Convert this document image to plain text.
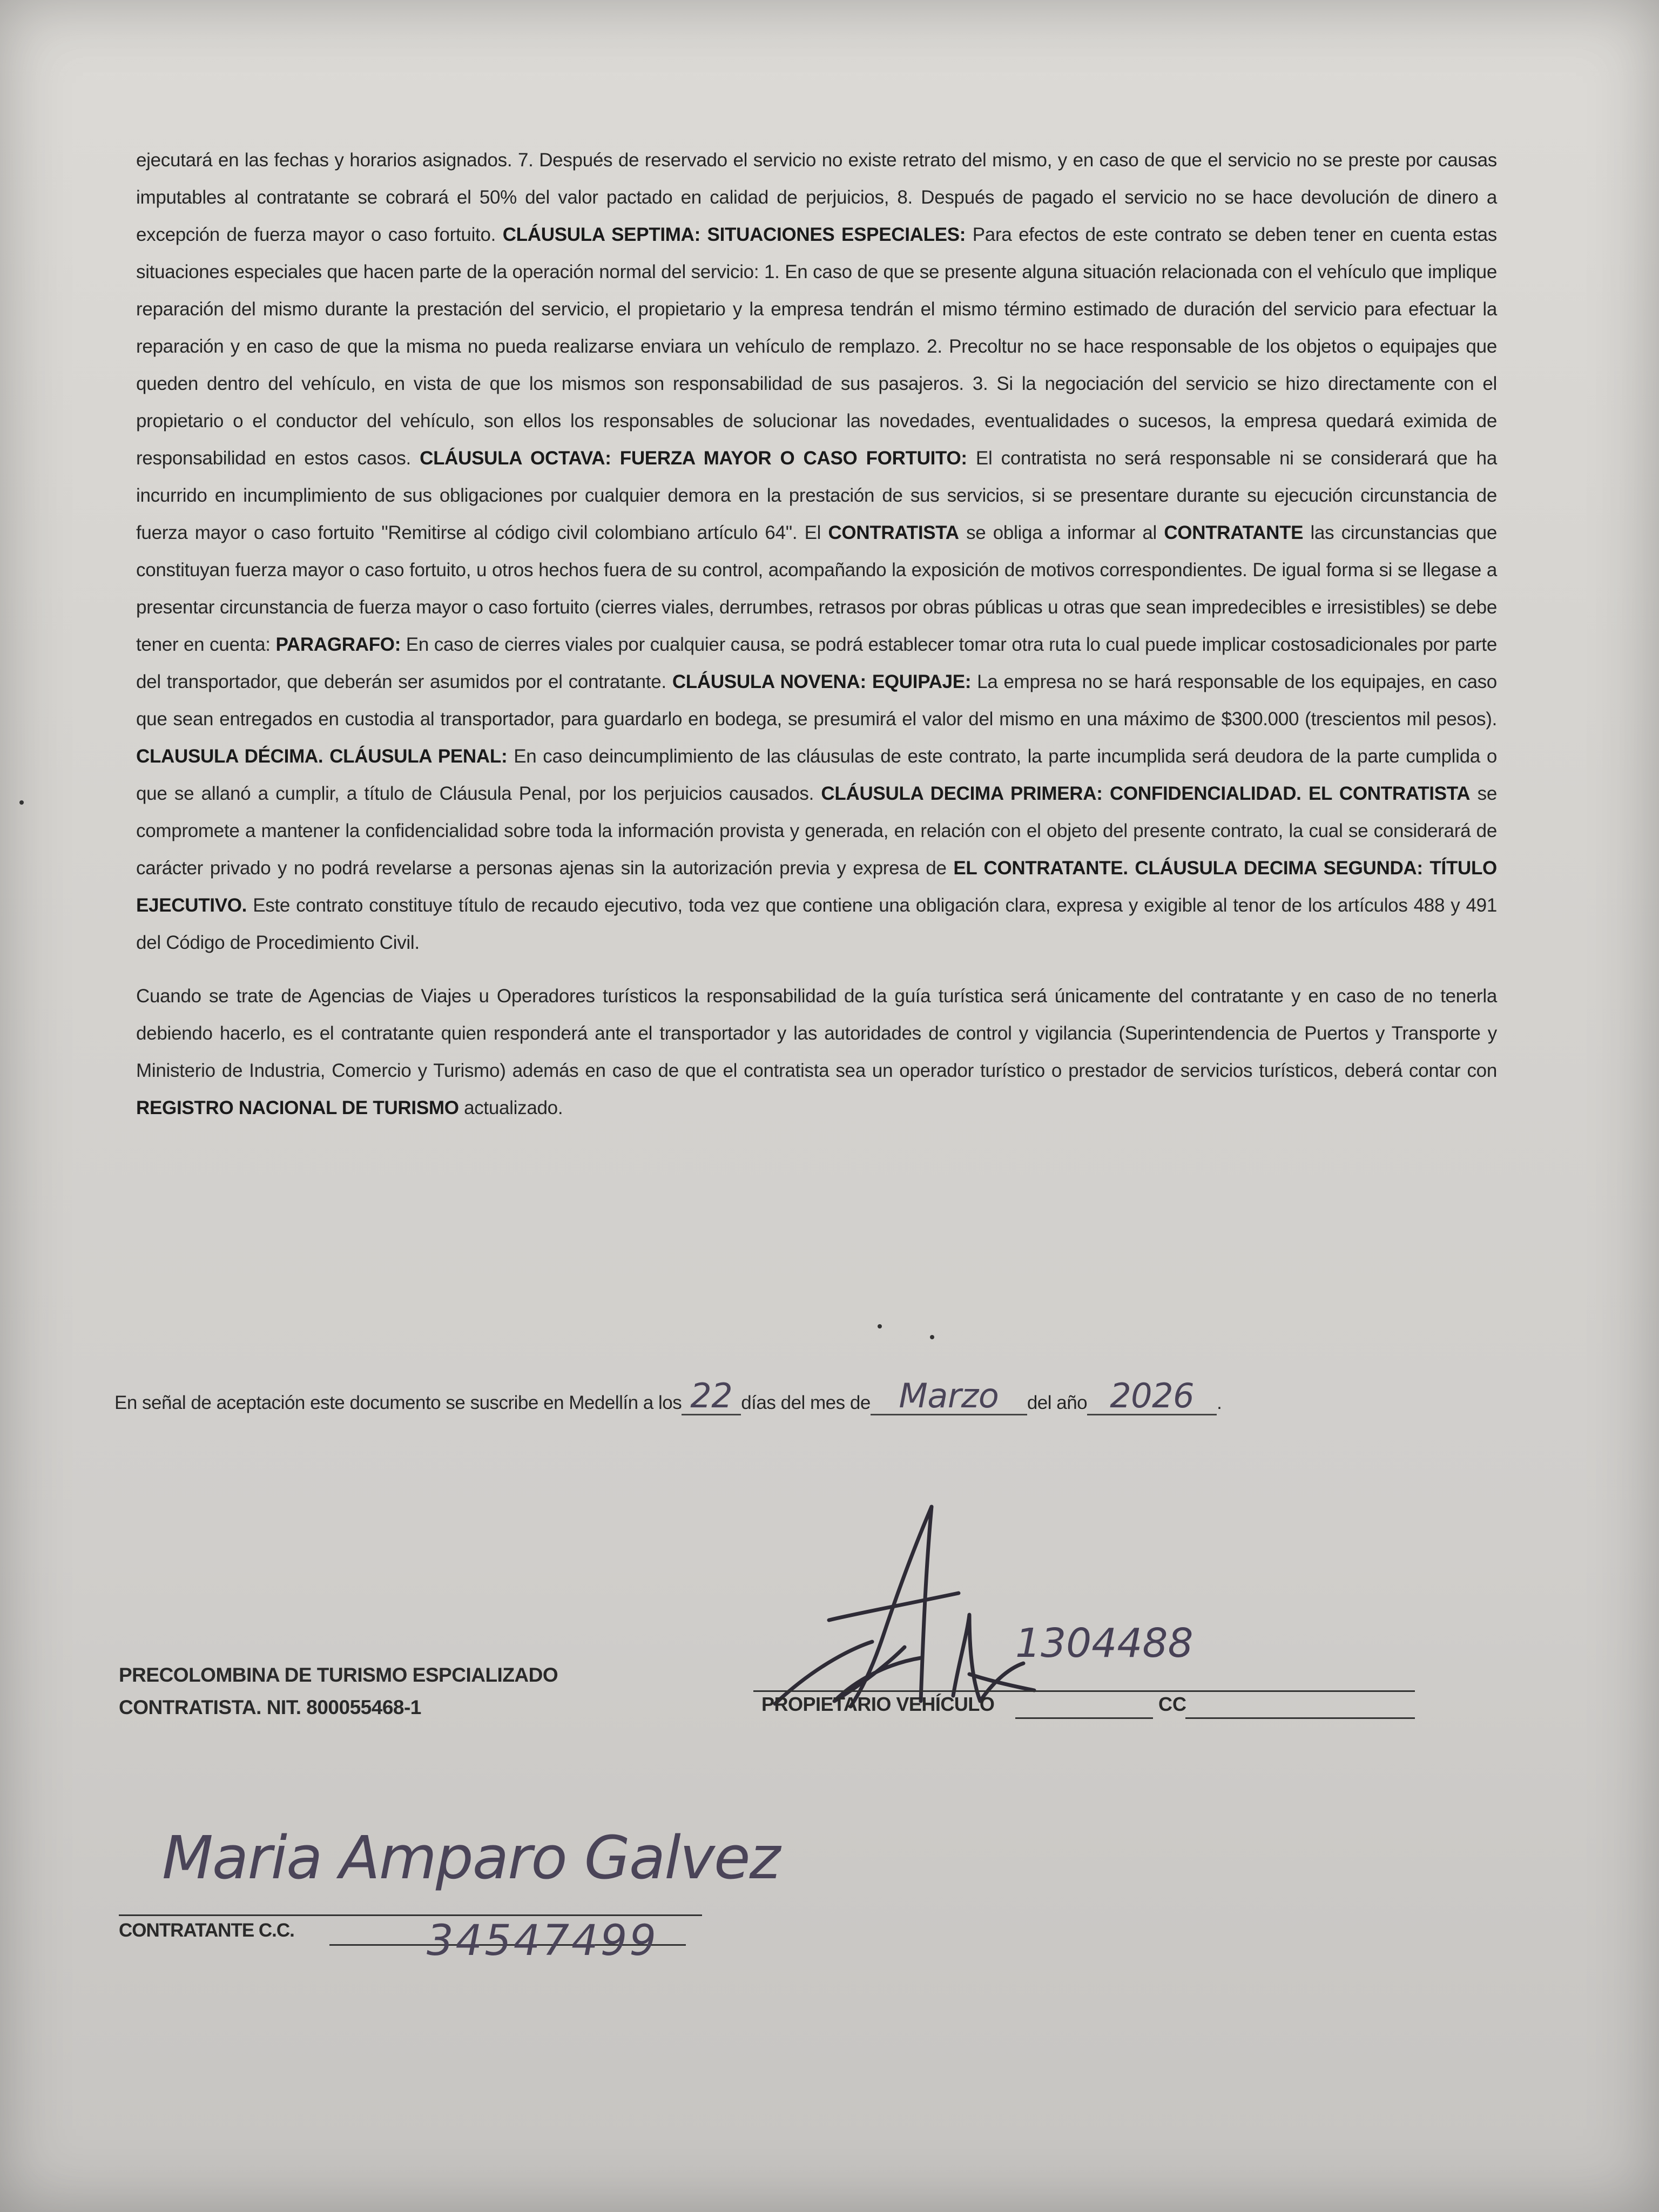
ejecutará en las fechas y horarios asignados. 7. Después de reservado el servicio no existe retrato del mismo, y en caso de que el servicio no se preste por causas imputables al contratante se cobrará el 50% del valor pactado en calidad de perjuicios, 8. Después de pagado el servicio no se hace devolución de dinero a excepción de fuerza mayor o caso fortuito. CLÁUSULA SEPTIMA: SITUACIONES ESPECIALES: Para efectos de este contrato se deben tener en cuenta estas situaciones especiales que hacen parte de la operación normal del servicio: 1. En caso de que se presente alguna situación relacionada con el vehículo que implique reparación del mismo durante la prestación del servicio, el propietario y la empresa tendrán el mismo término estimado de duración del servicio para efectuar la reparación y en caso de que la misma no pueda realizarse enviara un vehículo de remplazo. 2. Precoltur no se hace responsable de los objetos o equipajes que queden dentro del vehículo, en vista de que los mismos son responsabilidad de sus pasajeros. 3. Si la negociación del servicio se hizo directamente con el propietario o el conductor del vehículo, son ellos los responsables de solucionar las novedades, eventualidades o sucesos, la empresa quedará eximida de responsabilidad en estos casos. CLÁUSULA OCTAVA: FUERZA MAYOR O CASO FORTUITO: El contratista no será responsable ni se considerará que ha incurrido en incumplimiento de sus obligaciones por cualquier demora en la prestación de sus servicios, si se presentare durante su ejecución circunstancia de fuerza mayor o caso fortuito "Remitirse al código civil colombiano artículo 64". El CONTRATISTA se obliga a informar al CONTRATANTE las circunstancias que constituyan fuerza mayor o caso fortuito, u otros hechos fuera de su control, acompañando la exposición de motivos correspondientes. De igual forma si se llegase a presentar circunstancia de fuerza mayor o caso fortuito (cierres viales, derrumbes, retrasos por obras públicas u otras que sean impredecibles e irresistibles) se debe tener en cuenta: PARAGRAFO: En caso de cierres viales por cualquier causa, se podrá establecer tomar otra ruta lo cual puede implicar costosadicionales por parte del transportador, que deberán ser asumidos por el contratante. CLÁUSULA NOVENA: EQUIPAJE: La empresa no se hará responsable de los equipajes, en caso que sean entregados en custodia al transportador, para guardarlo en bodega, se presumirá el valor del mismo en una máximo de $300.000 (trescientos mil pesos). CLAUSULA DÉCIMA. CLÁUSULA PENAL: En caso deincumplimiento de las cláusulas de este contrato, la parte incumplida será deudora de la parte cumplida o que se allanó a cumplir, a título de Cláusula Penal, por los perjuicios causados. CLÁUSULA DECIMA PRIMERA: CONFIDENCIALIDAD. EL CONTRATISTA se compromete a mantener la confidencialidad sobre toda la información provista y generada, en relación con el objeto del presente contrato, la cual se considerará de carácter privado y no podrá revelarse a personas ajenas sin la autorización previa y expresa de EL CONTRATANTE. CLÁUSULA DECIMA SEGUNDA: TÍTULO EJECUTIVO. Este contrato constituye título de recaudo ejecutivo, toda vez que contiene una obligación clara, expresa y exigible al tenor de los artículos 488 y 491 del Código de Procedimiento Civil.

Cuando se trate de Agencias de Viajes u Operadores turísticos la responsabilidad de la guía turística será únicamente del contratante y en caso de no tenerla debiendo hacerlo, es el contratante quien responderá ante el transportador y las autoridades de control y vigilancia (Superintendencia de Puertos y Transporte y Ministerio de Industria, Comercio y Turismo) además en caso de que el contratista sea un operador turístico o prestador de servicios turísticos, deberá contar con REGISTRO NACIONAL DE TURISMO actualizado.

En señal de aceptación este documento se suscribe en Medellín a los 22 días del mes de Marzo	del año 2026	.
PRECOLOMBINA DE TURISMO ESPCIALIZADO
CONTRATISTA. NIT. 800055468-1
1304488
PROPIETARIO VEHÍCULO	CC
Maria Amparo Galvez
CONTRATANTE C.C.	34547499
